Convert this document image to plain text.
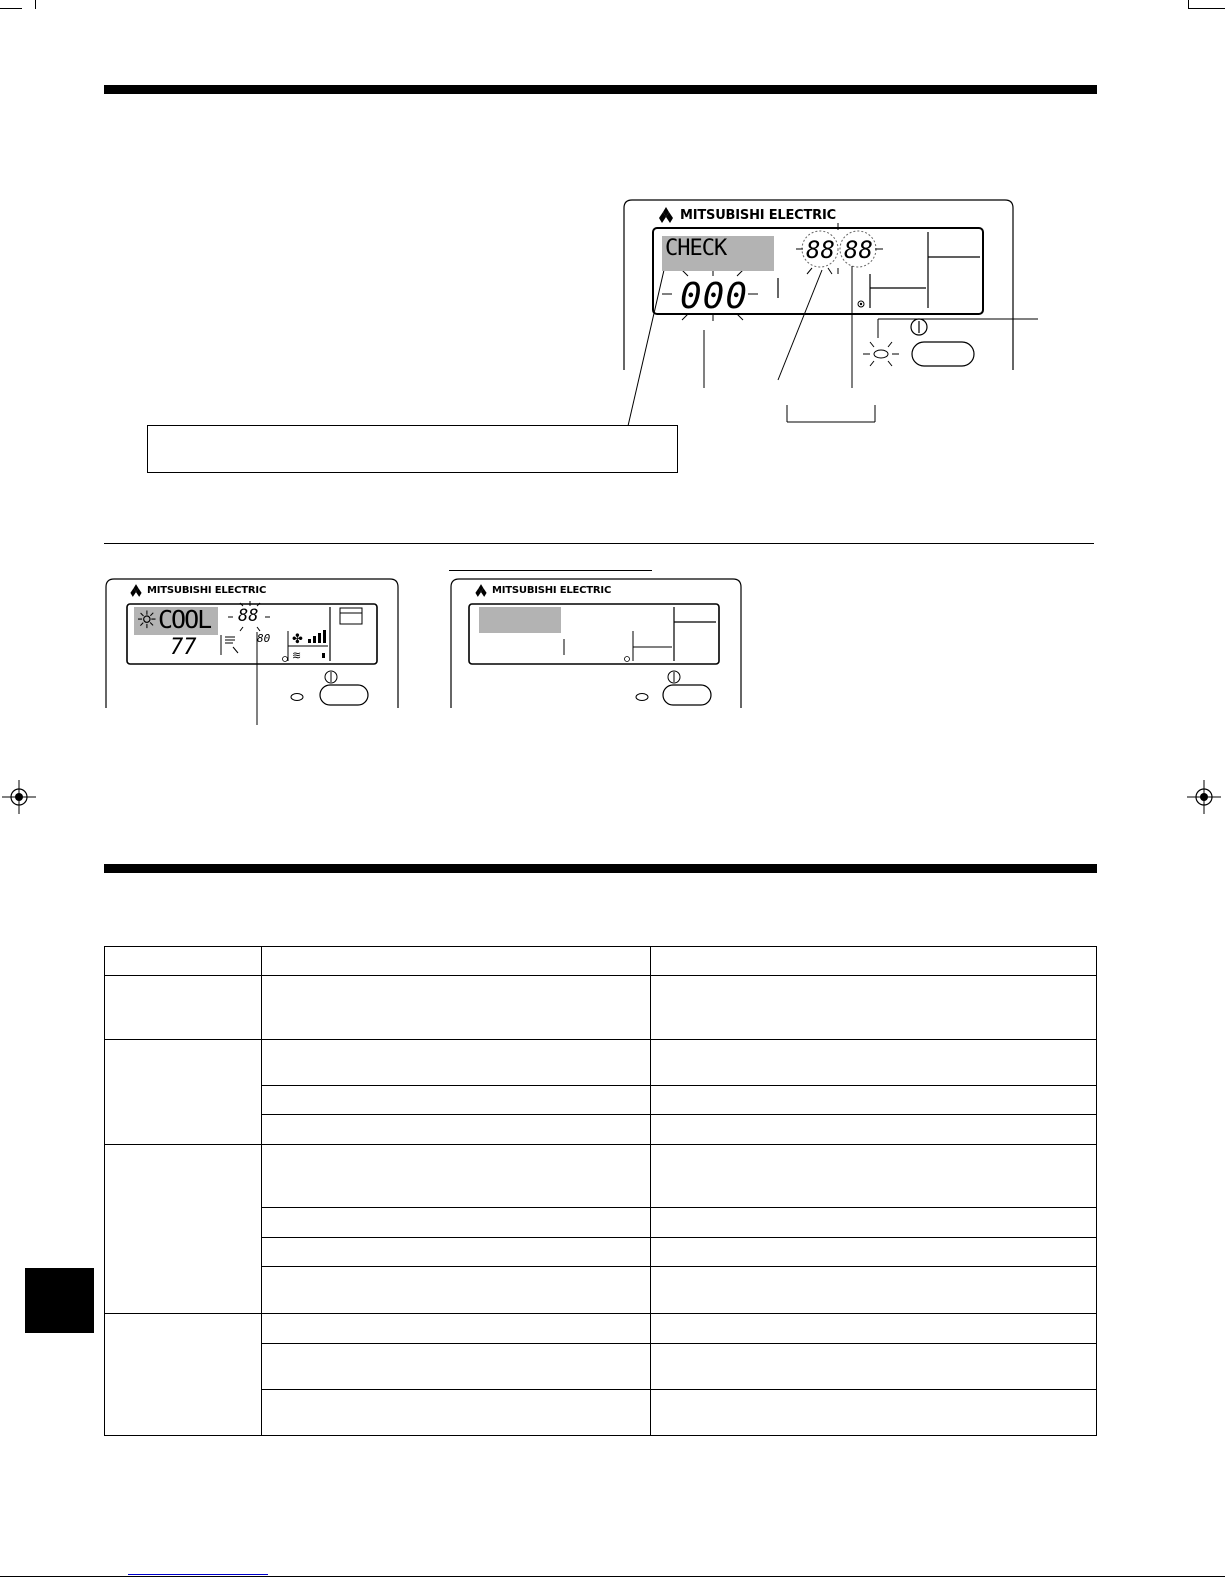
MITSUBISHI ELECTRIC
CHECK
000
88 88
✤
≋
MITSUBISHI ELECTRIC
☼ COOL
77
88
80
MITSUBISHI ELECTRIC
